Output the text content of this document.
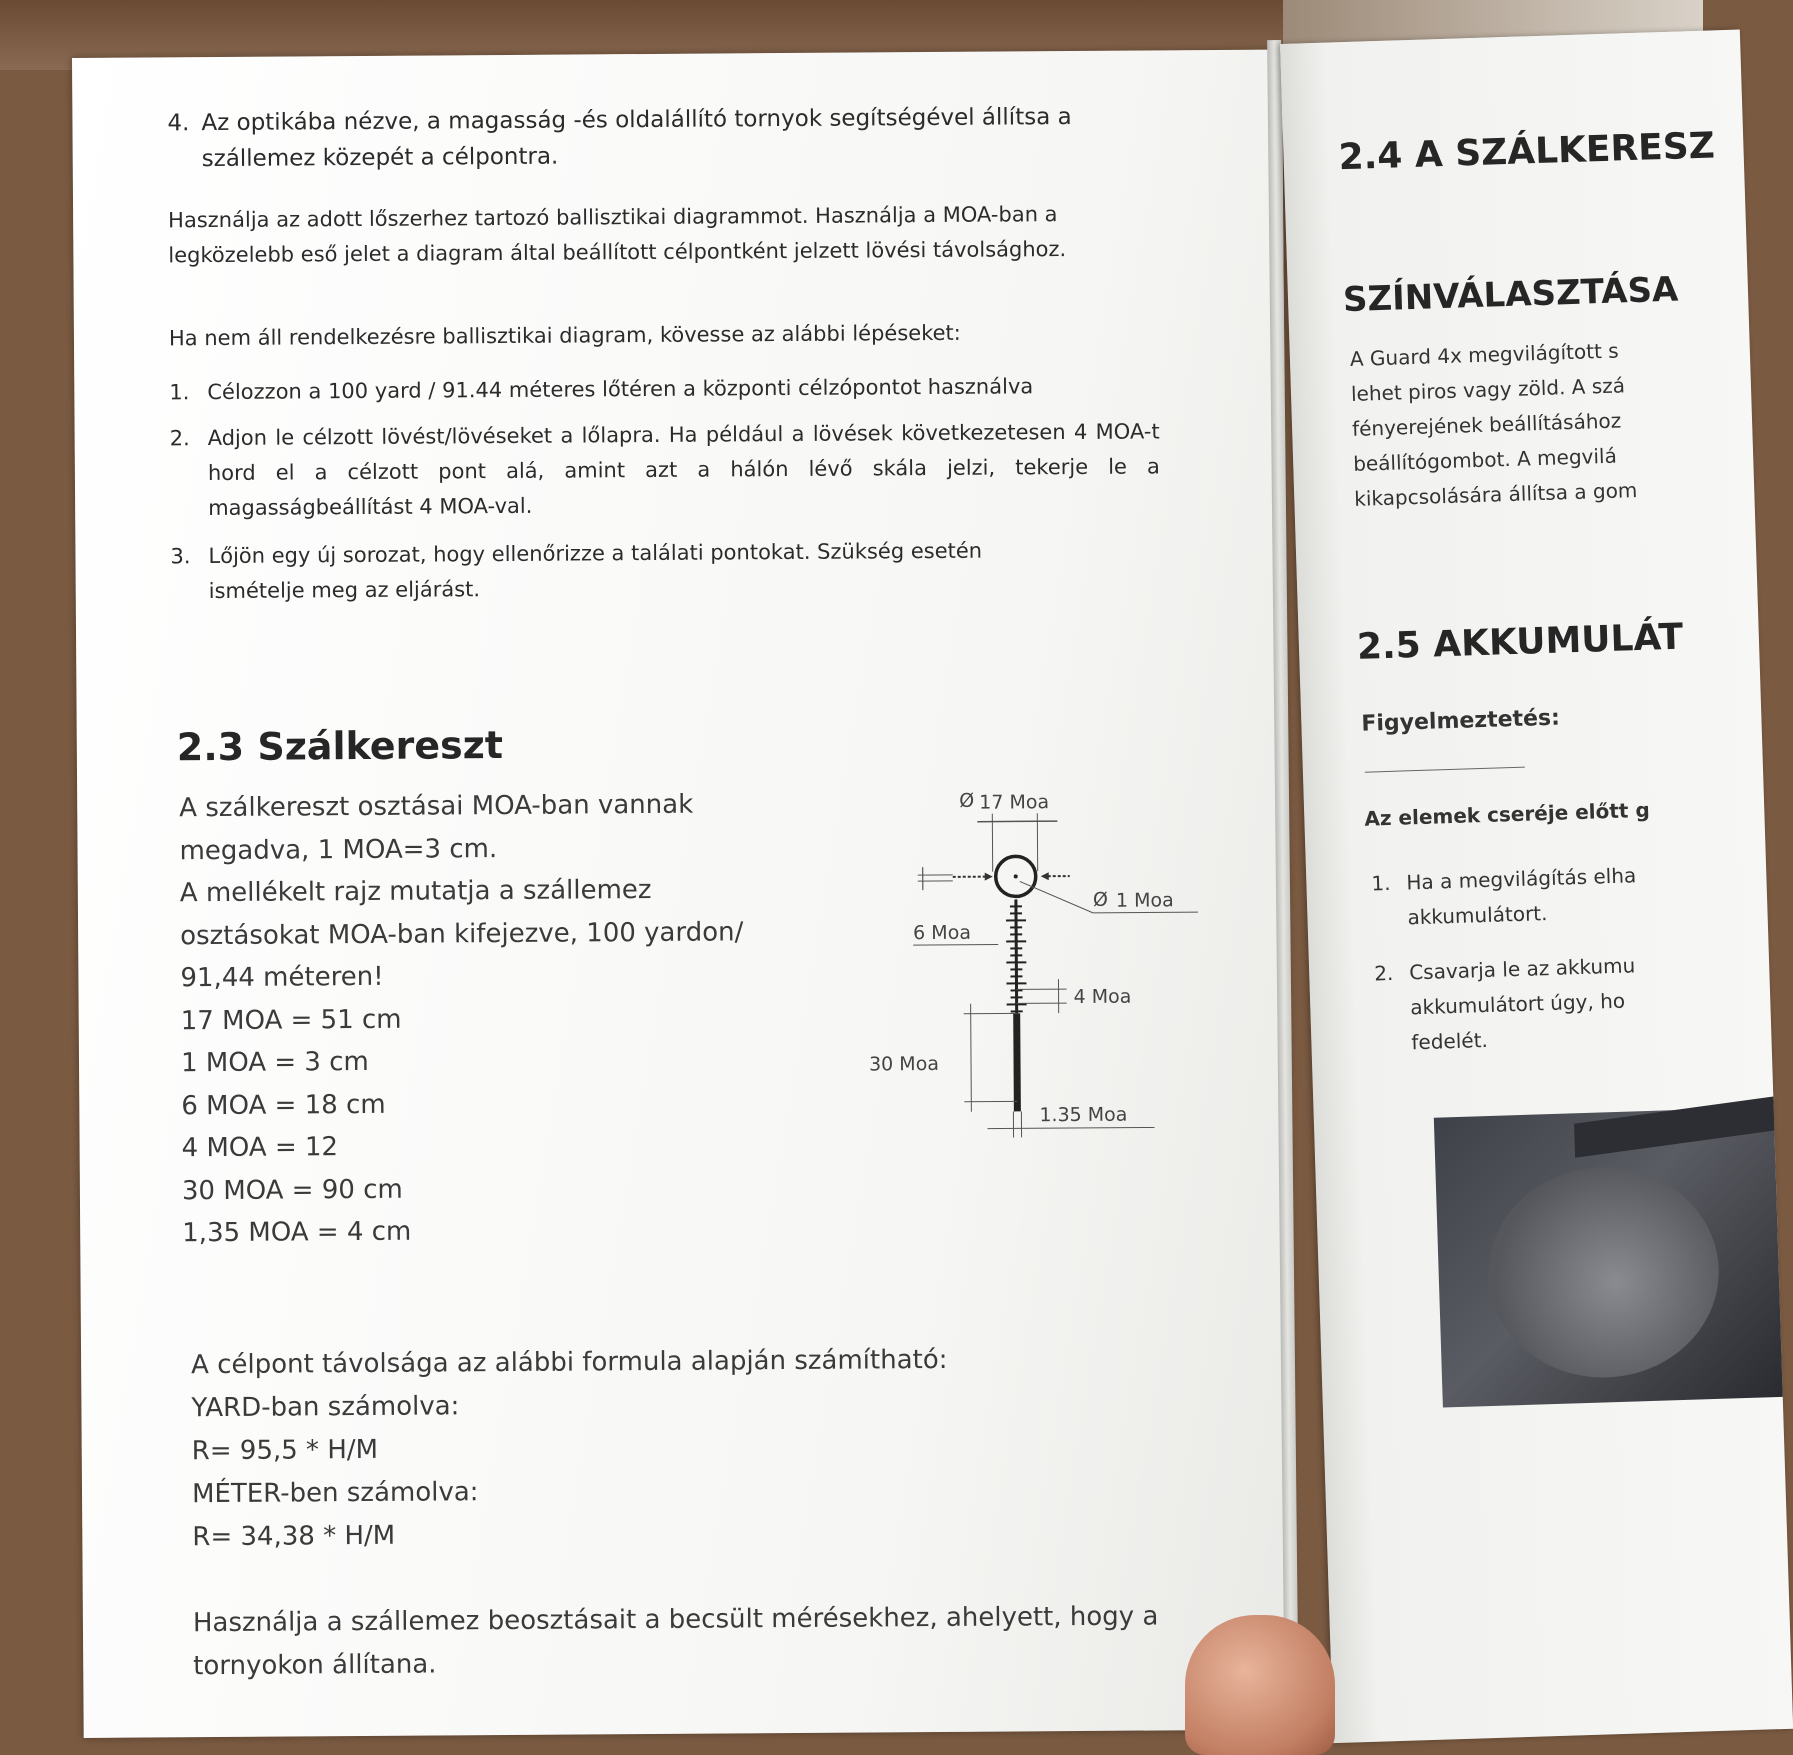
4. Az optikába nézve, a magasság -és oldalállító tornyok segítségével állítsa a szállemez közepét a célpontra.
Használja az adott lőszerhez tartozó ballisztikai diagrammot. Használja a MOA-ban a legközelebb eső jelet a diagram által beállított célpontként jelzett lövési távolsághoz.
Ha nem áll rendelkezésre ballisztikai diagram, kövesse az alábbi lépéseket:
1. Célozzon a 100 yard / 91.44 méteres lőtéren a központi célzópontot használva
2. Adjon le célzott lövést/lövéseket a lőlapra. Ha például a lövések következetesen 4 MOA-t hord el a célzott pont alá, amint azt a hálón lévő skála jelzi, tekerje le a magasságbeállítást 4 MOA-val.
3. Lőjön egy új sorozat, hogy ellenőrizze a találati pontokat. Szükség esetén ismételje meg az eljárást.
2.3 Szálkereszt
A szálkereszt osztásai MOA-ban vannak
megadva, 1 MOA=3 cm.
A mellékelt rajz mutatja a szállemez
osztásokat MOA-ban kifejezve, 100 yardon/
91,44 méteren!
17 MOA = 51 cm
1 MOA = 3 cm
6 MOA = 18 cm
4 MOA = 12
30 MOA = 90 cm
1,35 MOA = 4 cm
Ø 17 Moa
Ø 1 Moa
6 Moa
4 Moa
30 Moa
1.35 Moa
A célpont távolsága az alábbi formula alapján számítható:
YARD-ban számolva:
R= 95,5 * H/M
MÉTER-ben számolva:
R= 34,38 * H/M
Használja a szállemez beosztásait a becsült mérésekhez, ahelyett, hogy a tornyokon állítana.
2.4 A SZÁLKERESZ
SZÍNVÁLASZTÁSA
A Guard 4x megvilágított s
lehet piros vagy zöld. A szá
fényerejének beállításához
beállítógombot. A megvilá
kikapcsolására állítsa a gom
2.5 AKKUMULÁT
Figyelmeztetés:
Az elemek cseréje előtt g
1. Ha a megvilágítás elha
akkumulátort.
2. Csavarja le az akkumu
akkumulátort úgy, ho
fedelét.
